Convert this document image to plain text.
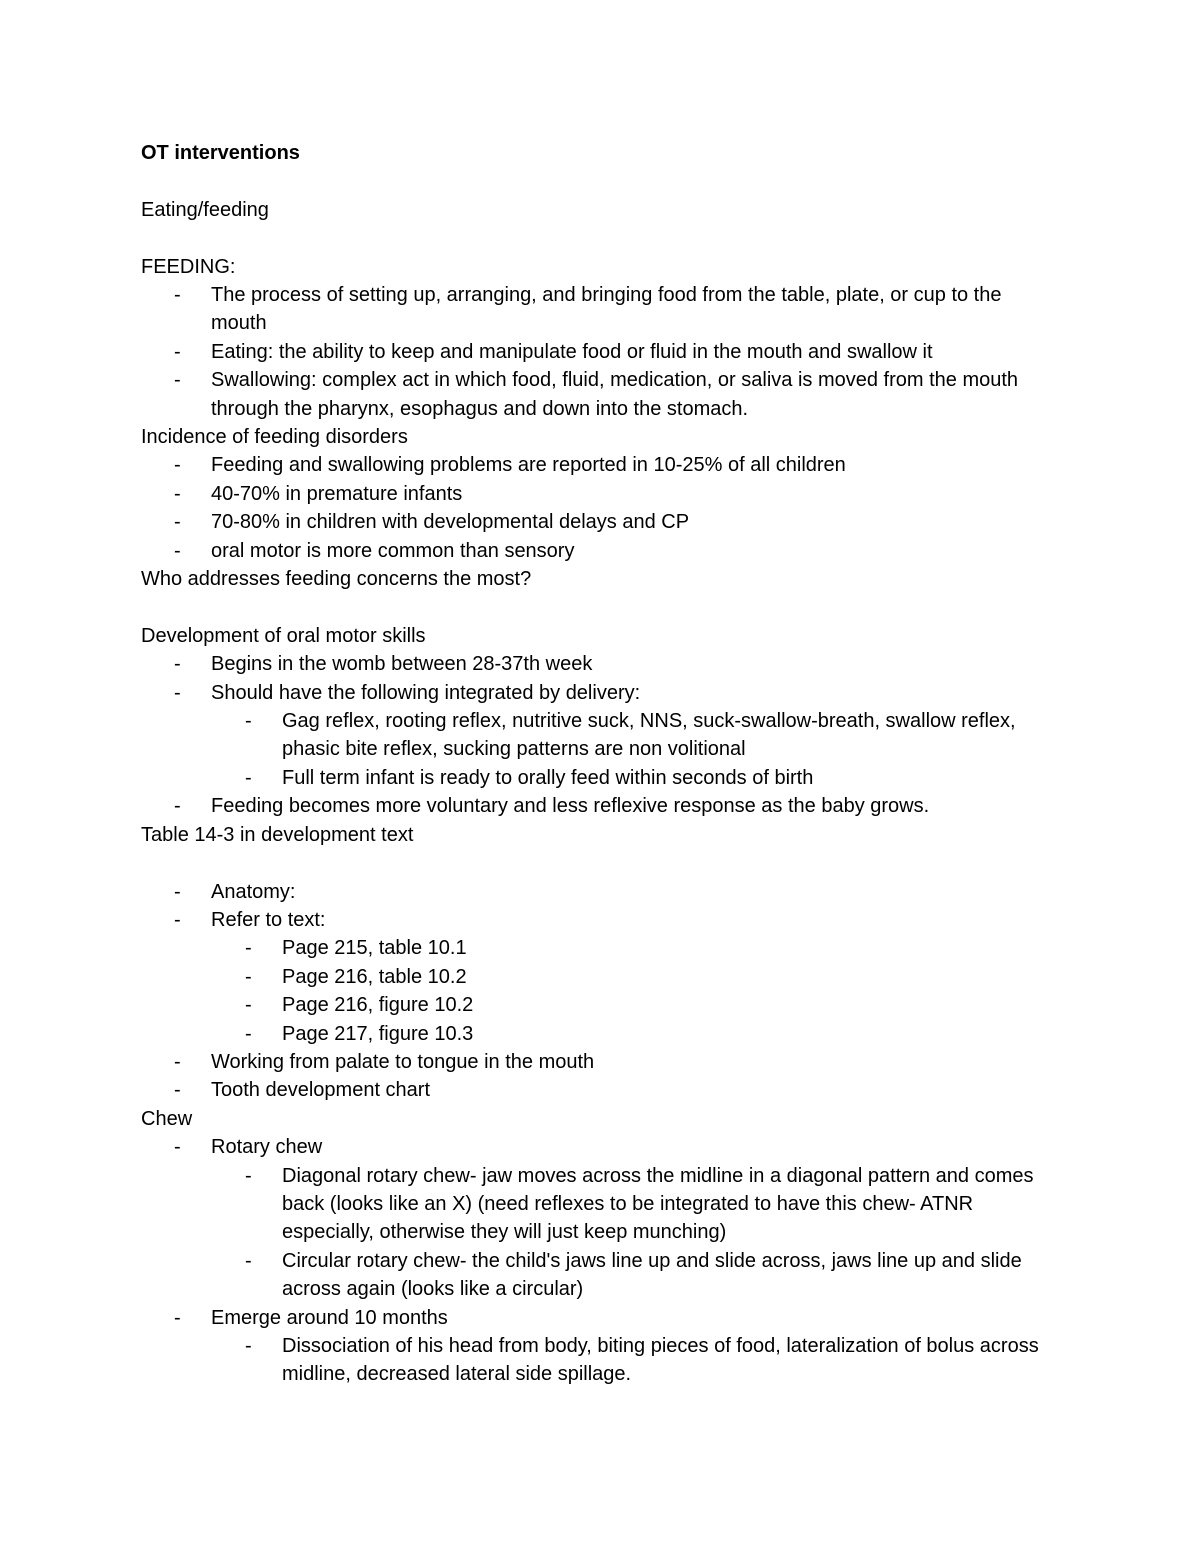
OT interventions

Eating/feeding

FEEDING:

- The process of setting up, arranging, and bringing food from the table, plate, or cup to the mouth
- Eating: the ability to keep and manipulate food or fluid in the mouth and swallow it
- Swallowing: complex act in which food, fluid, medication, or saliva is moved from the mouth through the pharynx, esophagus and down into the stomach.

Incidence of feeding disorders

- Feeding and swallowing problems are reported in 10-25% of all children
- 40-70% in premature infants
- 70-80% in children with developmental delays and CP
- oral motor is more common than sensory

Who addresses feeding concerns the most?

Development of oral motor skills

- Begins in the womb between 28-37th week
- Should have the following integrated by delivery:
- Gag reflex, rooting reflex, nutritive suck, NNS, suck-swallow-breath, swallow reflex, phasic bite reflex, sucking patterns are non volitional
- Full term infant is ready to orally feed within seconds of birth
- Feeding becomes more voluntary and less reflexive response as the baby grows.

Table 14-3 in development text

- Anatomy:
- Refer to text:
- Page 215, table 10.1
- Page 216, table 10.2
- Page 216, figure 10.2
- Page 217, figure 10.3
- Working from palate to tongue in the mouth
- Tooth development chart

Chew

- Rotary chew
- Diagonal rotary chew- jaw moves across the midline in a diagonal pattern and comes back (looks like an X) (need reflexes to be integrated to have this chew- ATNR especially, otherwise they will just keep munching)
- Circular rotary chew- the child's jaws line up and slide across, jaws line up and slide across again (looks like a circular)
- Emerge around 10 months
- Dissociation of his head from body, biting pieces of food, lateralization of bolus across midline, decreased lateral side spillage.
